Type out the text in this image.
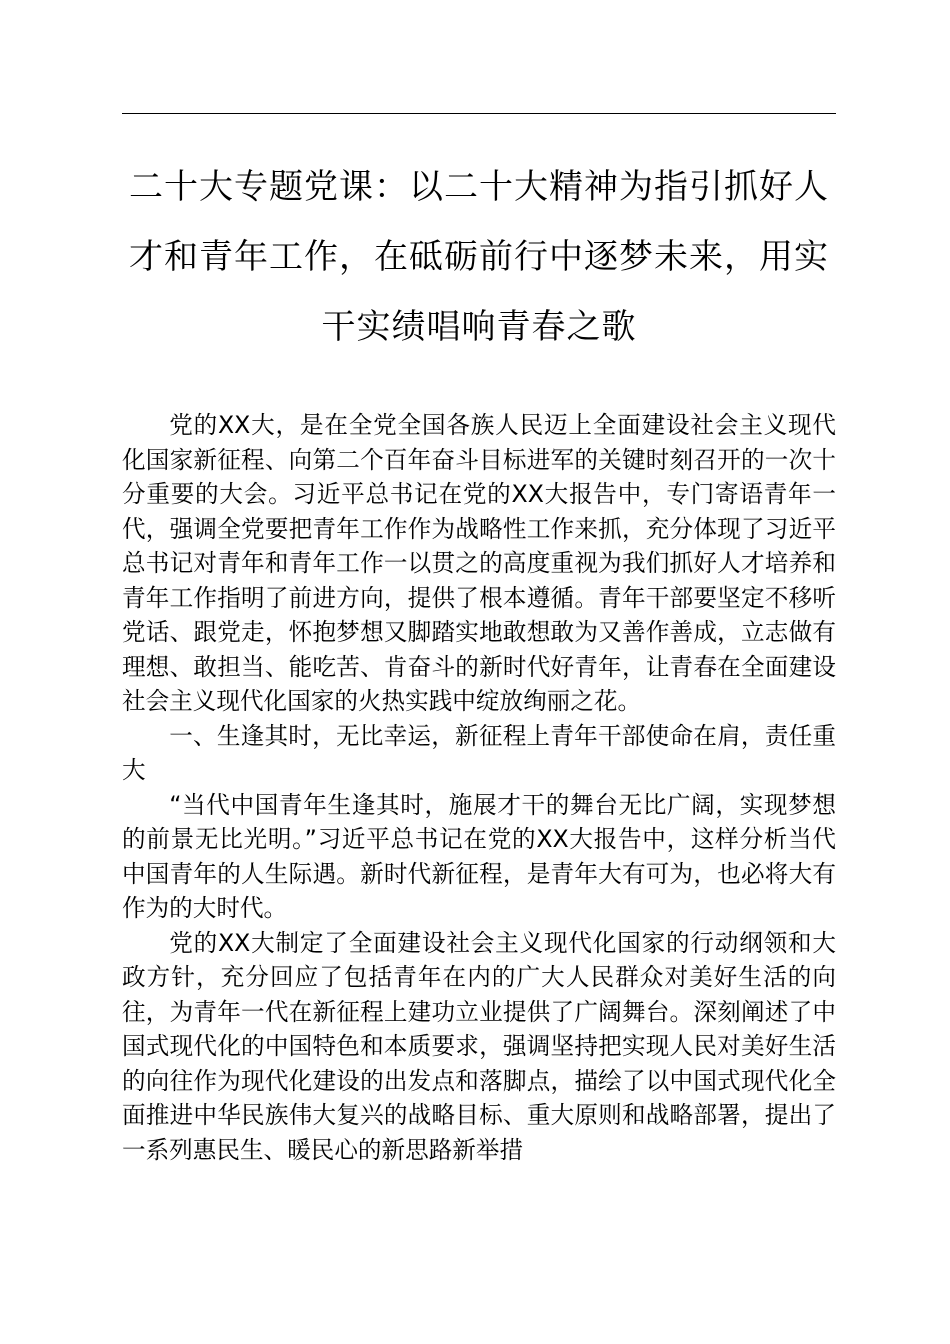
二十大专题党课：以二十大精神为指引抓好人
才和青年工作，在砥砺前行中逐梦未来，用实
干实绩唱响青春之歌

党的XX大，是在全党全国各族人民迈上全面建设社会主义现代化国家新征程、向第二个百年奋斗目标进军的关键时刻召开的一次十分重要的大会。习近平总书记在党的XX大报告中，专门寄语青年一代，强调全党要把青年工作作为战略性工作来抓，充分体现了习近平总书记对青年和青年工作一以贯之的高度重视为我们抓好人才培养和青年工作指明了前进方向，提供了根本遵循。青年干部要坚定不移听党话、跟党走，怀抱梦想又脚踏实地敢想敢为又善作善成，立志做有理想、敢担当、能吃苦、肯奋斗的新时代好青年，让青春在全面建设社会主义现代化国家的火热实践中绽放绚丽之花。

一、生逢其时，无比幸运，新征程上青年干部使命在肩，责任重大

“当代中国青年生逢其时，施展才干的舞台无比广阔，实现梦想的前景无比光明。”习近平总书记在党的XX大报告中，这样分析当代中国青年的人生际遇。新时代新征程，是青年大有可为，也必将大有作为的大时代。

党的XX大制定了全面建设社会主义现代化国家的行动纲领和大政方针，充分回应了包括青年在内的广大人民群众对美好生活的向往，为青年一代在新征程上建功立业提供了广阔舞台。深刻阐述了中国式现代化的中国特色和本质要求，强调坚持把实现人民对美好生活的向往作为现代化建设的出发点和落脚点，描绘了以中国式现代化全面推进中华民族伟大复兴的战略目标、重大原则和战略部署，提出了一系列惠民生、暖民心的新思路新举措
